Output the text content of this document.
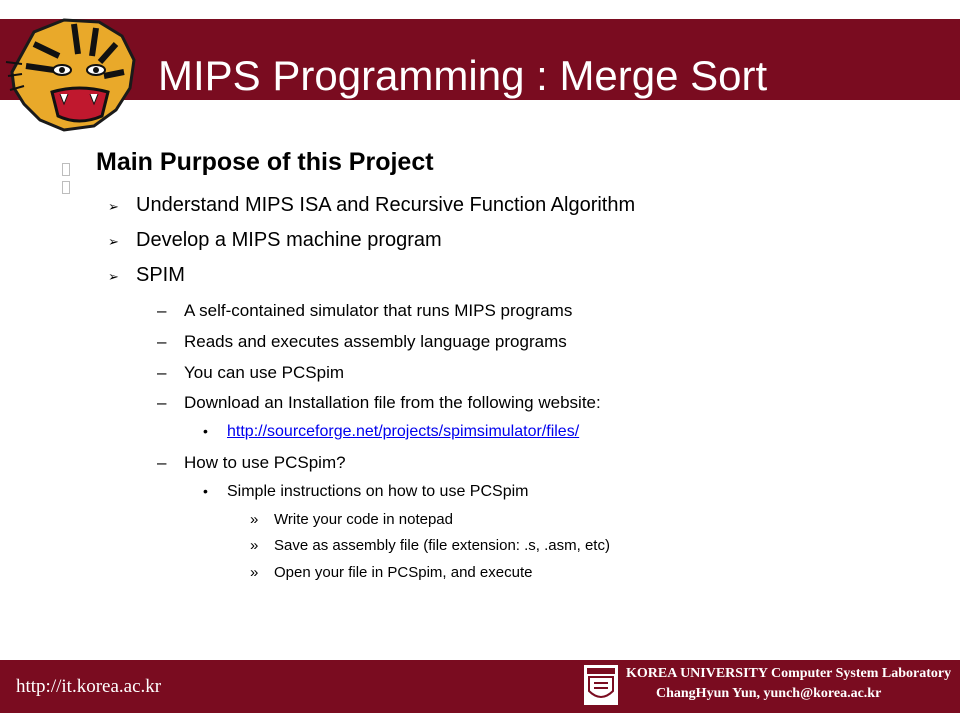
MIPS Programming : Merge Sort
Main Purpose of this Project
➢ Understand MIPS ISA and Recursive Function Algorithm
➢ Develop a MIPS machine program
➢ SPIM
– A self-contained simulator that runs MIPS programs
– Reads and executes assembly language programs
– You can use PCSpim
– Download an Installation file from the following website:
• http://sourceforge.net/projects/spimsimulator/files/
– How to use PCSpim?
• Simple instructions on how to use PCSpim
» Write your code in notepad
» Save as assembly file (file extension: .s, .asm, etc)
» Open your file in PCSpim, and execute
http://it.korea.ac.kr
KOREA UNIVERSITY Computer System Laboratory
ChangHyun Yun, yunch@korea.ac.kr
